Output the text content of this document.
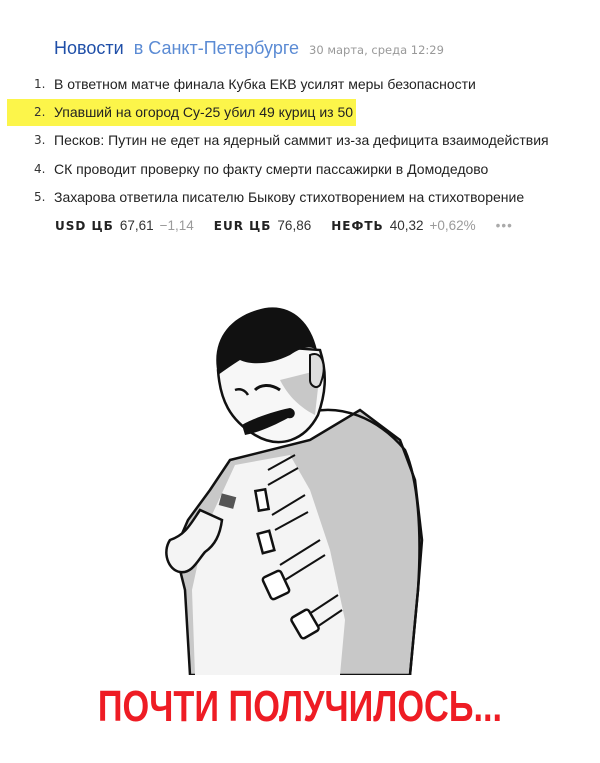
Новости в Санкт-Петербурге 30 марта, среда 12:29
1. В ответном матче финала Кубка ЕКВ усилят меры безопасности
2. Упавший на огород Су-25 убил 49 куриц из 50
3. Песков: Путин не едет на ядерный саммит из-за дефицита взаимодействия
4. СК проводит проверку по факту смерти пассажирки в Домодедово
5. Захарова ответила писателю Быкову стихотворением на стихотворение
USD ЦБ 67,61 −1,14 EUR ЦБ 76,86 НЕФТЬ 40,32 +0,62% •••
ПОЧТИ ПОЛУЧИЛОСЬ...
